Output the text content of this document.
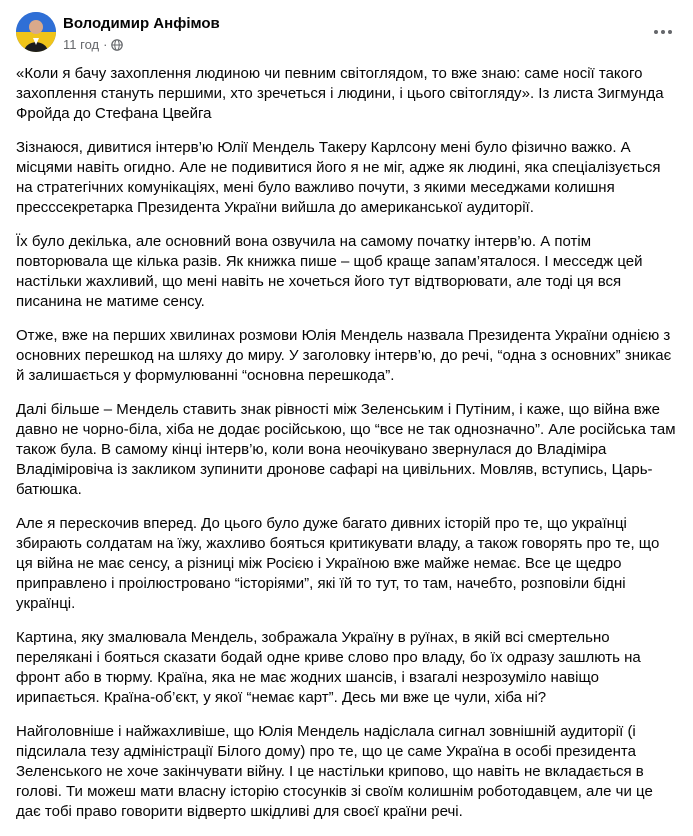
Володимир Анфімов
11 год ·

«Коли я бачу захоплення людиною чи певним світоглядом, то вже знаю: саме носії такого захоплення стануть першими, хто зречеться і людини, і цього світогляду». Із листа Зигмунда Фройда до Стефана Цвейга

Зізнаюся, дивитися інтерв’ю Юлії Мендель Такеру Карлсону мені було фізично важко. А місцями навіть огидно. Але не подивитися його я не міг, адже як людині, яка спеціалізується на стратегічних комунікаціях, мені було важливо почути, з якими меседжами колишня пресссекретарка Президента України вийшла до американської аудиторії.

Їх було декілька, але основний вона озвучила на самому початку інтерв’ю. А потім повторювала ще кілька разів. Як книжка пише – щоб краще запам’яталося. І месседж цей настільки жахливий, що мені навіть не хочеться його тут відтворювати, але тоді ця вся писанина не матиме сенсу.

Отже, вже на перших хвилинах розмови Юлія Мендель назвала Президента України однією з основних перешкод на шляху до миру. У заголовку інтерв’ю, до речі, “одна з основних” зникає й залишається у формулюванні “основна перешкода”.

Далі більше – Мендель ставить знак рівності між Зеленським і Путіним, і каже, що війна вже давно не чорно-біла, хіба не додає російською, що “все не так однозначно”. Але російська там також була. В самому кінці інтерв’ю, коли вона неочікувано звернулася до Владіміра Владіміровіча із закликом зупинити дронове сафарі на цивільних. Мовляв, вступись, Царь-батюшка.

Але я перескочив вперед. До цього було дуже багато дивних історій про те, що українці збирають солдатам на їжу, жахливо бояться критикувати владу, а також говорять про те, що ця війна не має сенсу, а різниці між Росією і Україною вже майже немає. Все це щедро приправлено і проілюстровано “історіями”, які їй то тут, то там, начебто, розповіли бідні українці.

Картина, яку змалювала Мендель, зображала Україну в руїнах, в якій всі смертельно перелякані і бояться сказати бодай одне криве слово про владу, бо їх одразу зашлють на фронт або в тюрму. Країна, яка не має жодних шансів, і взагалі незрозуміло навіщо ирипається. Країна-об’єкт, у якої “немає карт”. Десь ми вже це чули, хіба ні?

Найголовніше і найжахливіше, що Юлія Мендель надіслала сигнал зовнішній аудиторії (і підсилала тезу адміністрації Білого дому) про те, що це саме Україна в особі президента Зеленського не хоче закінчувати війну. І це настільки крипово, що навіть не вкладається в голові. Ти можеш мати власну історію стосунків зі своїм колишнім роботодавцем, але чи це дає тобі право говорити відверто шкідливі для своєї країни речі.
